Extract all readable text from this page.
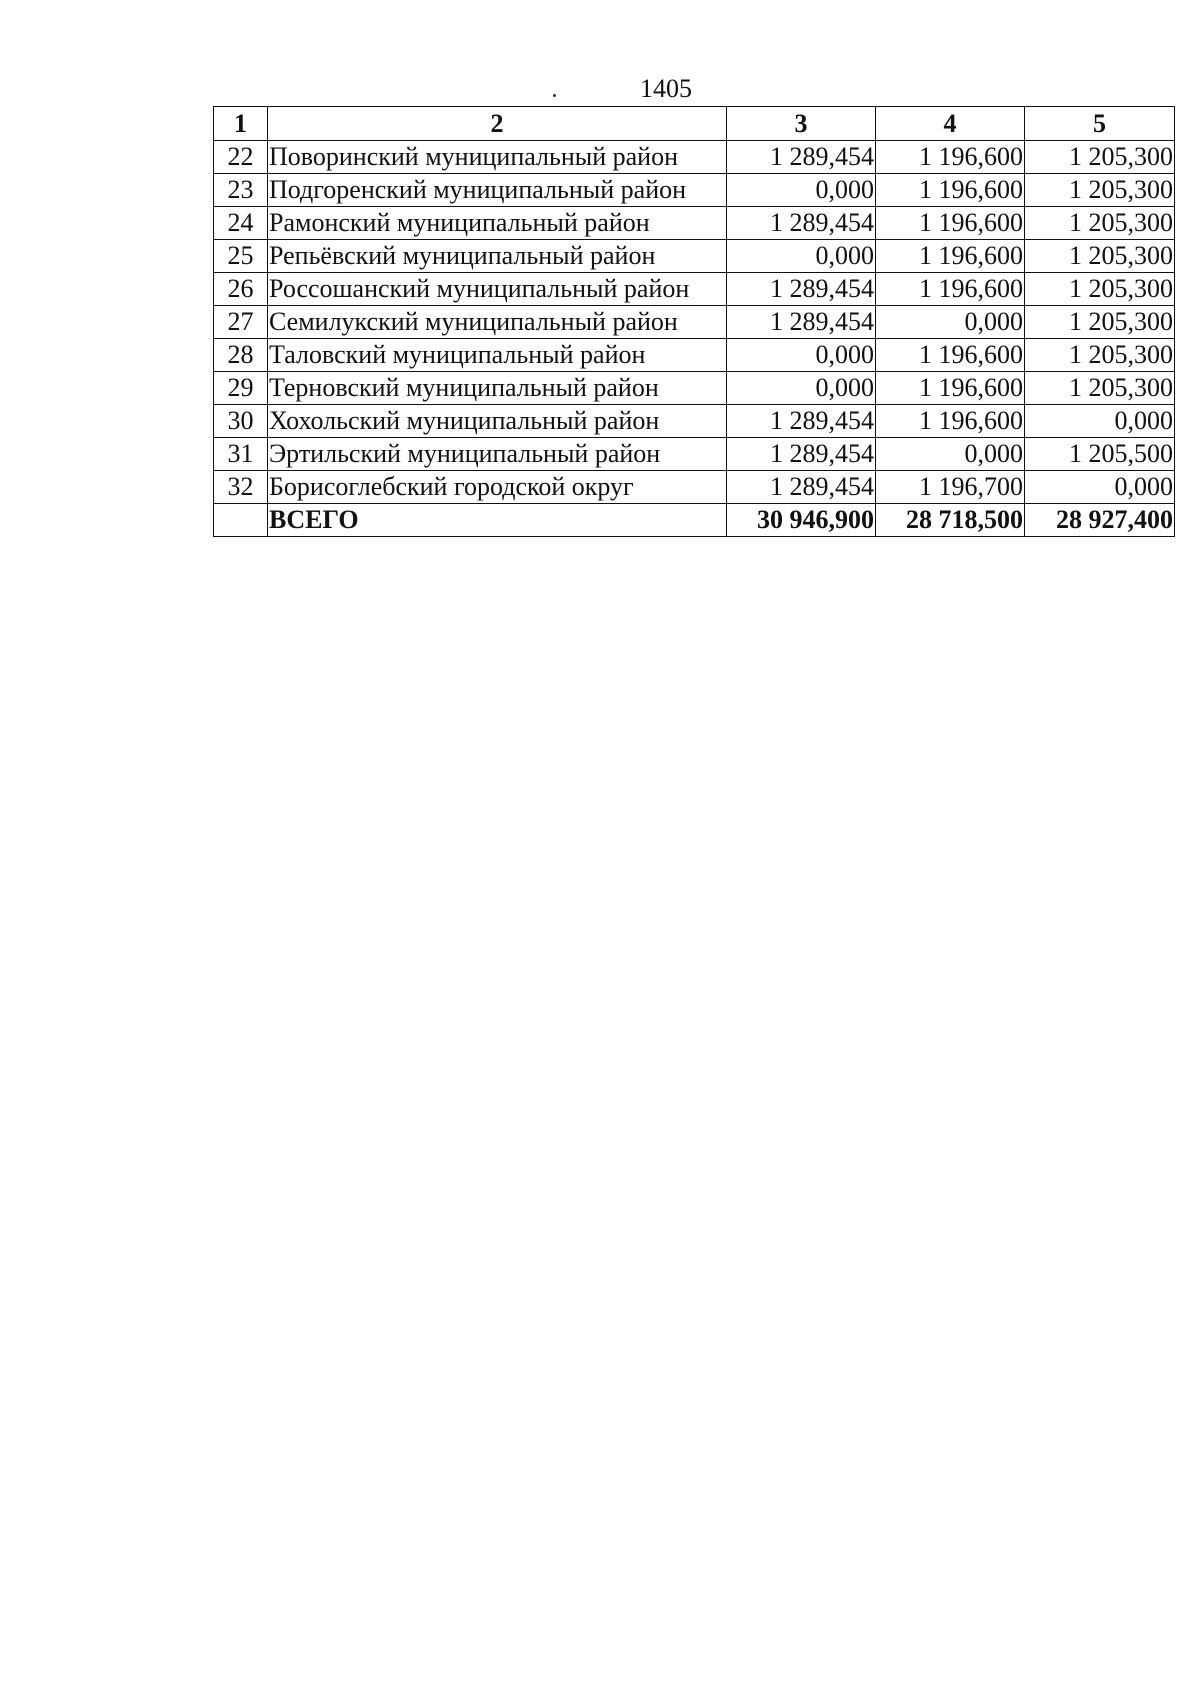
1405
1	2	3	4	5
22	Поворинский муниципальный район	1 289,454	1 196,600	1 205,300
23	Подгоренский муниципальный район	0,000	1 196,600	1 205,300
24	Рамонский муниципальный район	1 289,454	1 196,600	1 205,300
25	Репьёвский муниципальный район	0,000	1 196,600	1 205,300
26	Россошанский муниципальный район	1 289,454	1 196,600	1 205,300
27	Семилукский муниципальный район	1 289,454	0,000	1 205,300
28	Таловский муниципальный район	0,000	1 196,600	1 205,300
29	Терновский муниципальный район	0,000	1 196,600	1 205,300
30	Хохольский муниципальный район	1 289,454	1 196,600	0,000
31	Эртильский муниципальный район	1 289,454	0,000	1 205,500
32	Борисоглебский городской округ	1 289,454	1 196,700	0,000
	ВСЕГО	30 946,900	28 718,500	28 927,400
